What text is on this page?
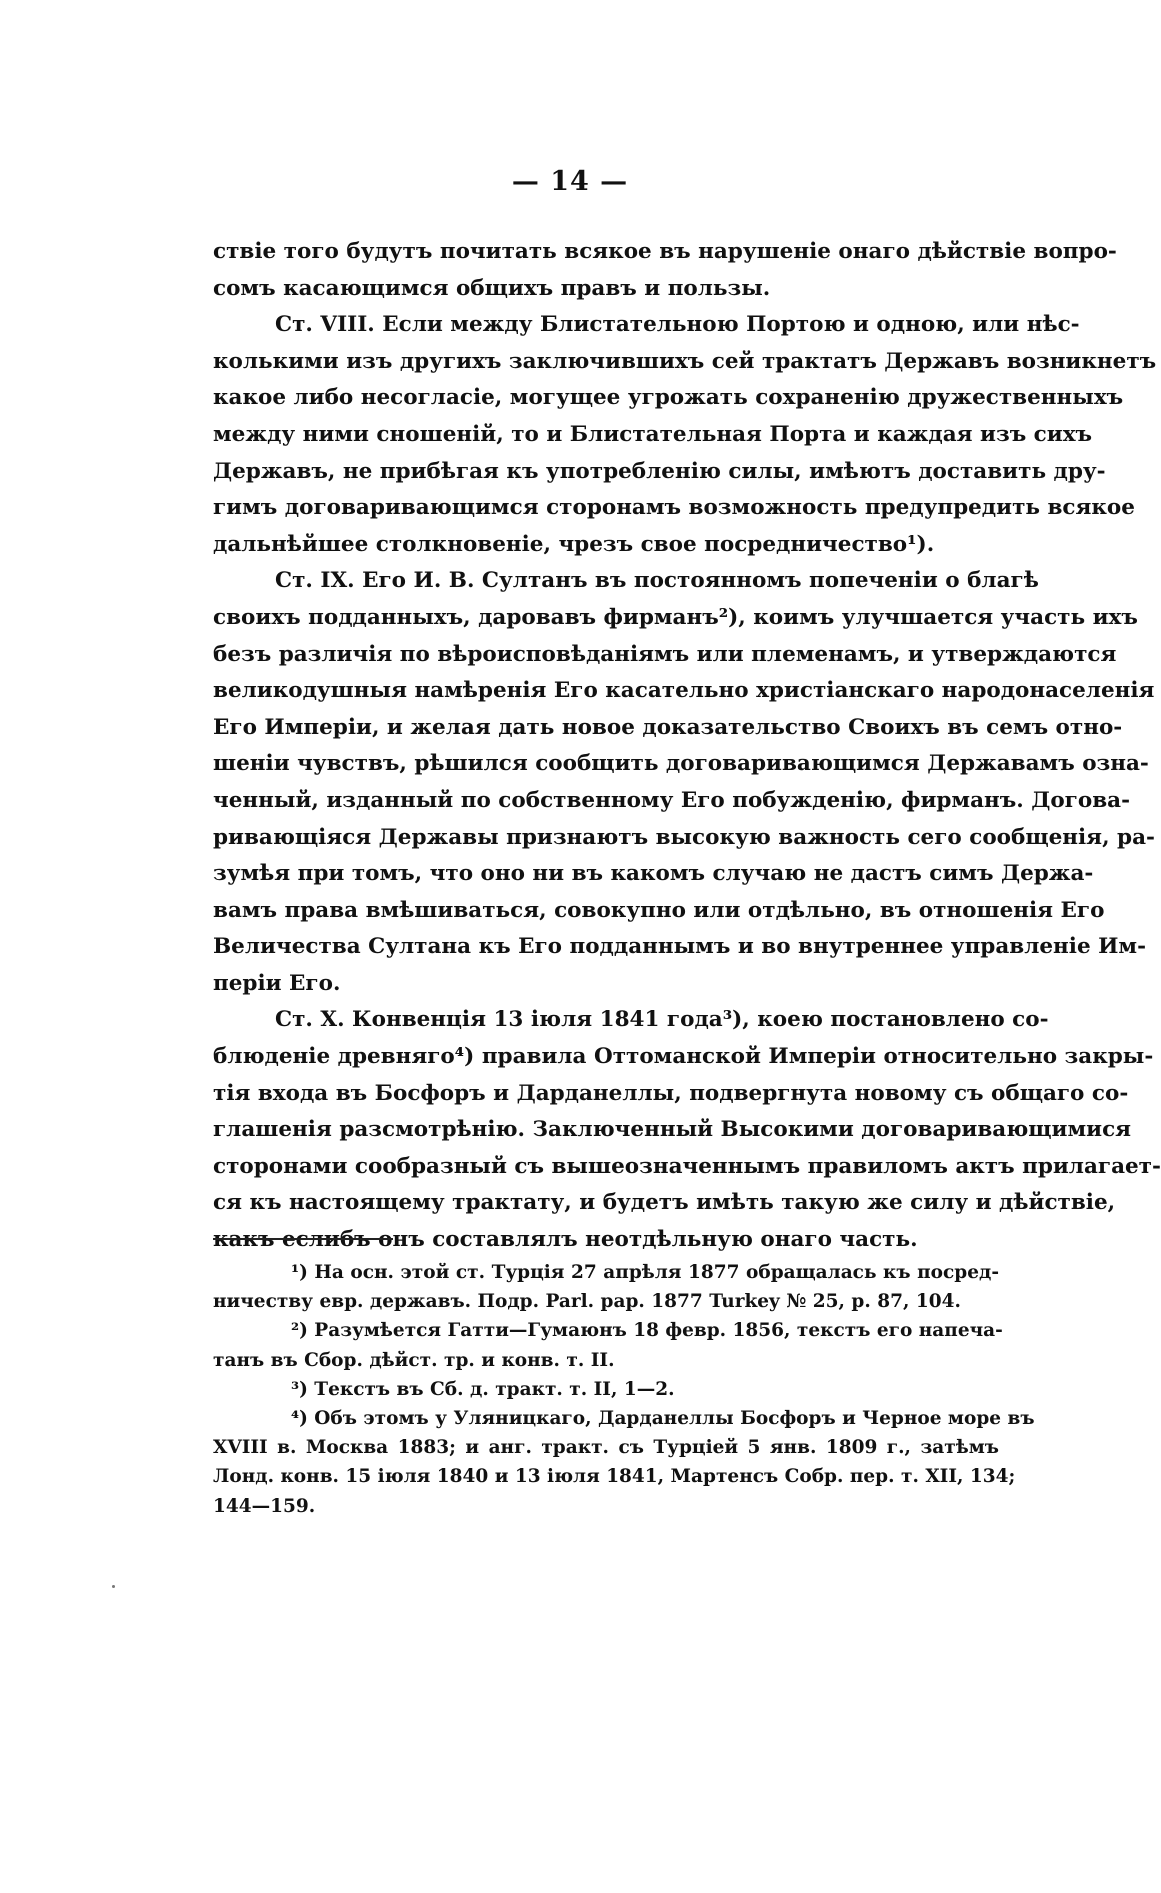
— 14 —
ствіе того будутъ почитать всякое въ нарушеніе онаго дѣйствіе вопро-
сомъ касающимся общихъ правъ и пользы.
Ст. VIII. Если между Блистательною Портою и одною, или нѣс-
колькими изъ другихъ заключившихъ сей трактатъ Державъ возникнетъ
какое либо несогласіе, могущее угрожать сохраненію дружественныхъ
между ними сношеній, то и Блистательная Порта и каждая изъ сихъ
Державъ, не прибѣгая къ употребленію силы, имѣютъ доставить дру-
гимъ договаривающимся сторонамъ возможность предупредить всякое
дальнѣйшее столкновеніе, чрезъ свое посредничество¹).
Ст. IX. Его И. В. Султанъ въ постоянномъ попеченіи о благѣ
своихъ подданныхъ, даровавъ фирманъ²), коимъ улучшается участь ихъ
безъ различія по вѣроисповѣданіямъ или племенамъ, и утверждаются
великодушныя намѣренія Его касательно христіанскаго народонаселенія
Его Имперіи, и желая дать новое доказательство Своихъ въ семъ отно-
шеніи чувствъ, рѣшился сообщить договаривающимся Державамъ озна-
ченный, изданный по собственному Его побужденію, фирманъ. Догова-
ривающіяся Державы признаютъ высокую важность сего сообщенія, ра-
зумѣя при томъ, что оно ни въ какомъ случаю не дастъ симъ Держа-
вамъ права вмѣшиваться, совокупно или отдѣльно, въ отношенія Его
Величества Султана къ Его подданнымъ и во внутреннее управленіе Им-
періи Его.
Ст. X. Конвенція 13 іюля 1841 года³), коею постановлено со-
блюденіе древняго⁴) правила Оттоманской Имперіи относительно закры-
тія входа въ Босфоръ и Дарданеллы, подвергнута новому съ общаго со-
глашенія разсмотрѣнію. Заключенный Высокими договаривающимися
сторонами сообразный съ вышеозначеннымъ правиломъ актъ прилагает-
ся къ настоящему трактату, и будетъ имѣть такую же силу и дѣйствіе,
какъ еслибъ онъ составлялъ неотдѣльную онаго часть.
¹) На осн. этой ст. Турція 27 апрѣля 1877 обращалась къ посред-
ничеству евр. державъ. Подр. Parl. pap. 1877 Turkey № 25, p. 87, 104.
²) Разумѣется Гатти—Гумаюнъ 18 февр. 1856, текстъ его напеча-
танъ въ Сбор. дѣйст. тр. и конв. т. II.
³) Текстъ въ Сб. д. тракт. т. II, 1—2.
⁴) Объ этомъ у Уляницкаго, Дарданеллы Босфоръ и Черное море въ
XVIII в. Москва 1883; и анг. тракт. съ Турціей 5 янв. 1809 г., затѣмъ
Лонд. конв. 15 іюля 1840 и 13 іюля 1841, Мартенсъ Собр. пер. т. XII, 134;
144—159.
